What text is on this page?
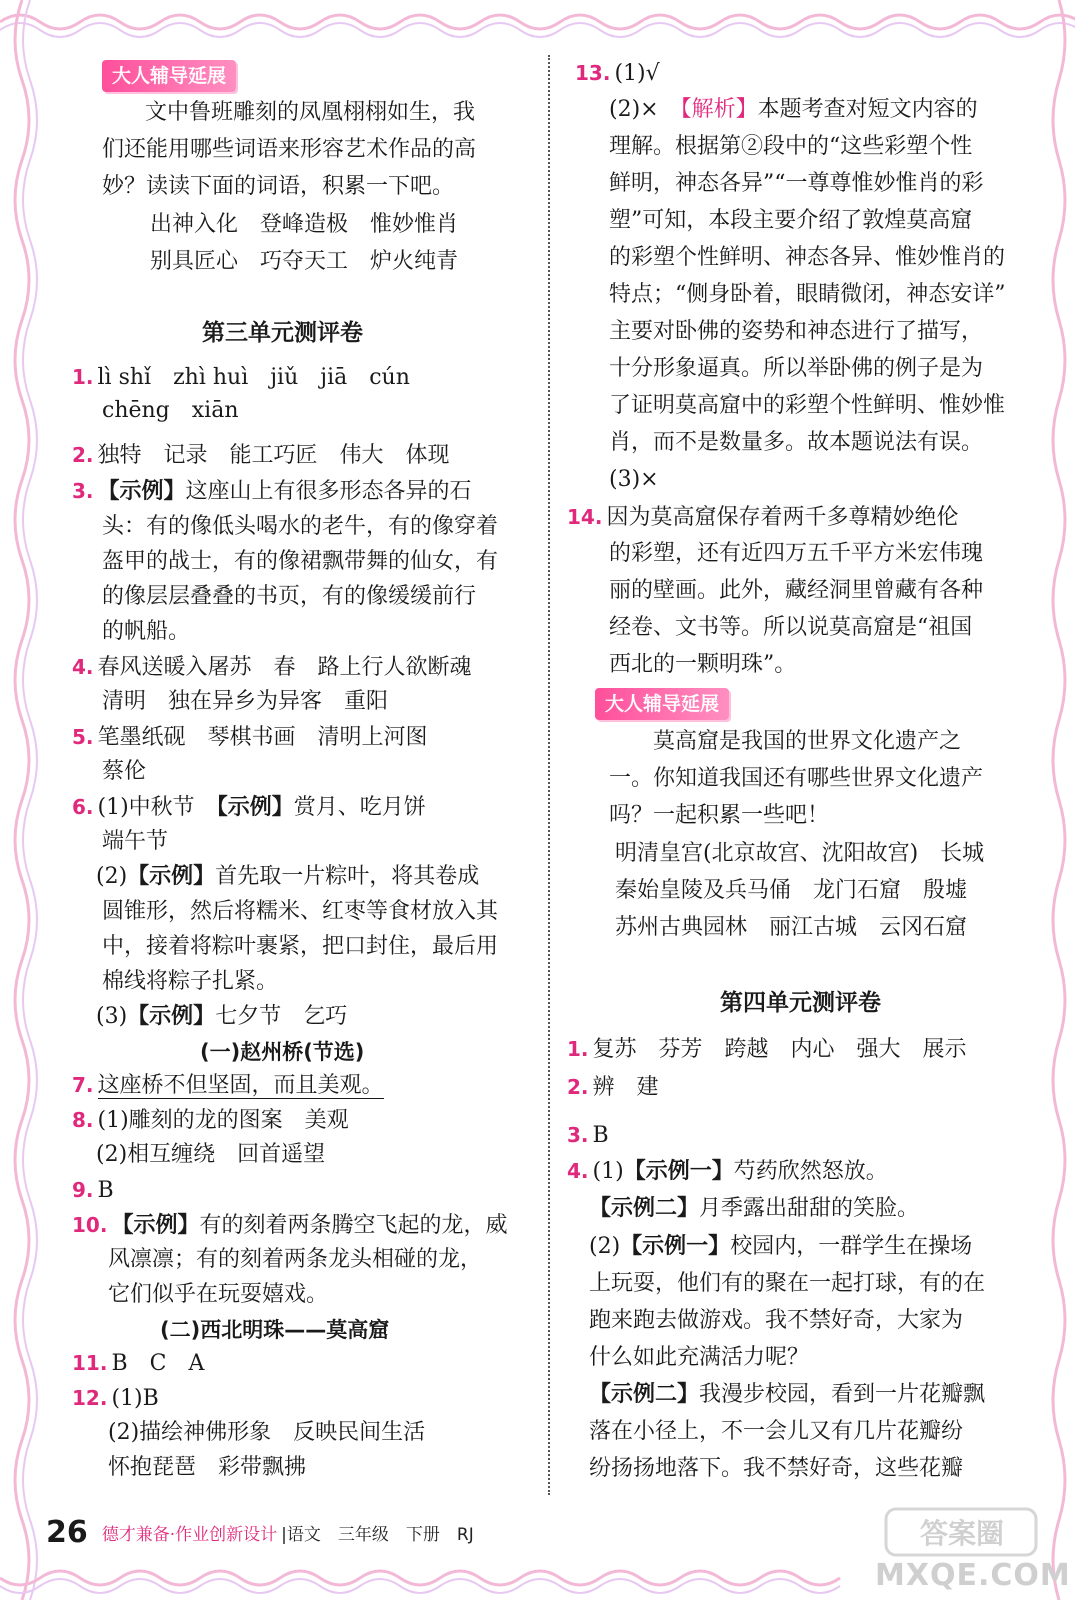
大人辅导延展
文中鲁班雕刻的凤凰栩栩如生，我
们还能用哪些词语来形容艺术作品的高
妙？读读下面的词语，积累一下吧。
出神入化　登峰造极　惟妙惟肖
别具匠心　巧夺天工　炉火纯青
第三单元测评卷
1. lì shǐ　zhì huì　jiǔ　jiā　cún
chēng　xiān
2. 独特　记录　能工巧匠　伟大　体现
3. 【示例】这座山上有很多形态各异的石
头：有的像低头喝水的老牛，有的像穿着
盔甲的战士，有的像裙飘带舞的仙女，有
的像层层叠叠的书页，有的像缓缓前行
的帆船。
4. 春风送暖入屠苏　春　路上行人欲断魂
清明　独在异乡为异客　重阳
5. 笔墨纸砚　琴棋书画　清明上河图
蔡伦
6. (1)中秋节　【示例】赏月、吃月饼
端午节
(2)【示例】首先取一片粽叶，将其卷成
圆锥形，然后将糯米、红枣等食材放入其
中，接着将粽叶裹紧，把口封住，最后用
棉线将粽子扎紧。
(3)【示例】七夕节　乞巧
(一)赵州桥(节选)
7. 这座桥不但坚固，而且美观。
8. (1)雕刻的龙的图案　美观
(2)相互缠绕　回首遥望
9. B
10. 【示例】有的刻着两条腾空飞起的龙，威
风凛凛；有的刻着两条龙头相碰的龙，
它们似乎在玩耍嬉戏。
(二)西北明珠——莫高窟
11. B　C　A
12. (1)B
(2)描绘神佛形象　反映民间生活
怀抱琵琶　彩带飘拂
13. (1)√
(2)×　【解析】本题考查对短文内容的
理解。根据第②段中的“这些彩塑个性
鲜明，神态各异”“一尊尊惟妙惟肖的彩
塑”可知，本段主要介绍了敦煌莫高窟
的彩塑个性鲜明、神态各异、惟妙惟肖的
特点；“侧身卧着，眼睛微闭，神态安详”
主要对卧佛的姿势和神态进行了描写，
十分形象逼真。所以举卧佛的例子是为
了证明莫高窟中的彩塑个性鲜明、惟妙惟
肖，而不是数量多。故本题说法有误。
(3)×
14. 因为莫高窟保存着两千多尊精妙绝伦
的彩塑，还有近四万五千平方米宏伟瑰
丽的壁画。此外，藏经洞里曾藏有各种
经卷、文书等。所以说莫高窟是“祖国
西北的一颗明珠”。
大人辅导延展
莫高窟是我国的世界文化遗产之
一。你知道我国还有哪些世界文化遗产
吗？一起积累一些吧！
明清皇宫(北京故宫、沈阳故宫)　长城
秦始皇陵及兵马俑　龙门石窟　殷墟
苏州古典园林　丽江古城　云冈石窟
第四单元测评卷
1. 复苏　芬芳　跨越　内心　强大　展示
2. 辨　建
3. B
4. (1)【示例一】芍药欣然怒放。
【示例二】月季露出甜甜的笑脸。
(2)【示例一】校园内，一群学生在操场
上玩耍，他们有的聚在一起打球，有的在
跑来跑去做游戏。我不禁好奇，大家为
什么如此充满活力呢？
【示例二】我漫步校园，看到一片花瓣飘
落在小径上，不一会儿又有几片花瓣纷
纷扬扬地落下。我不禁好奇，这些花瓣
26 德才兼备·作业创新设计 |语文　三年级　下册　RJ	答案圈
MXQE.COM
